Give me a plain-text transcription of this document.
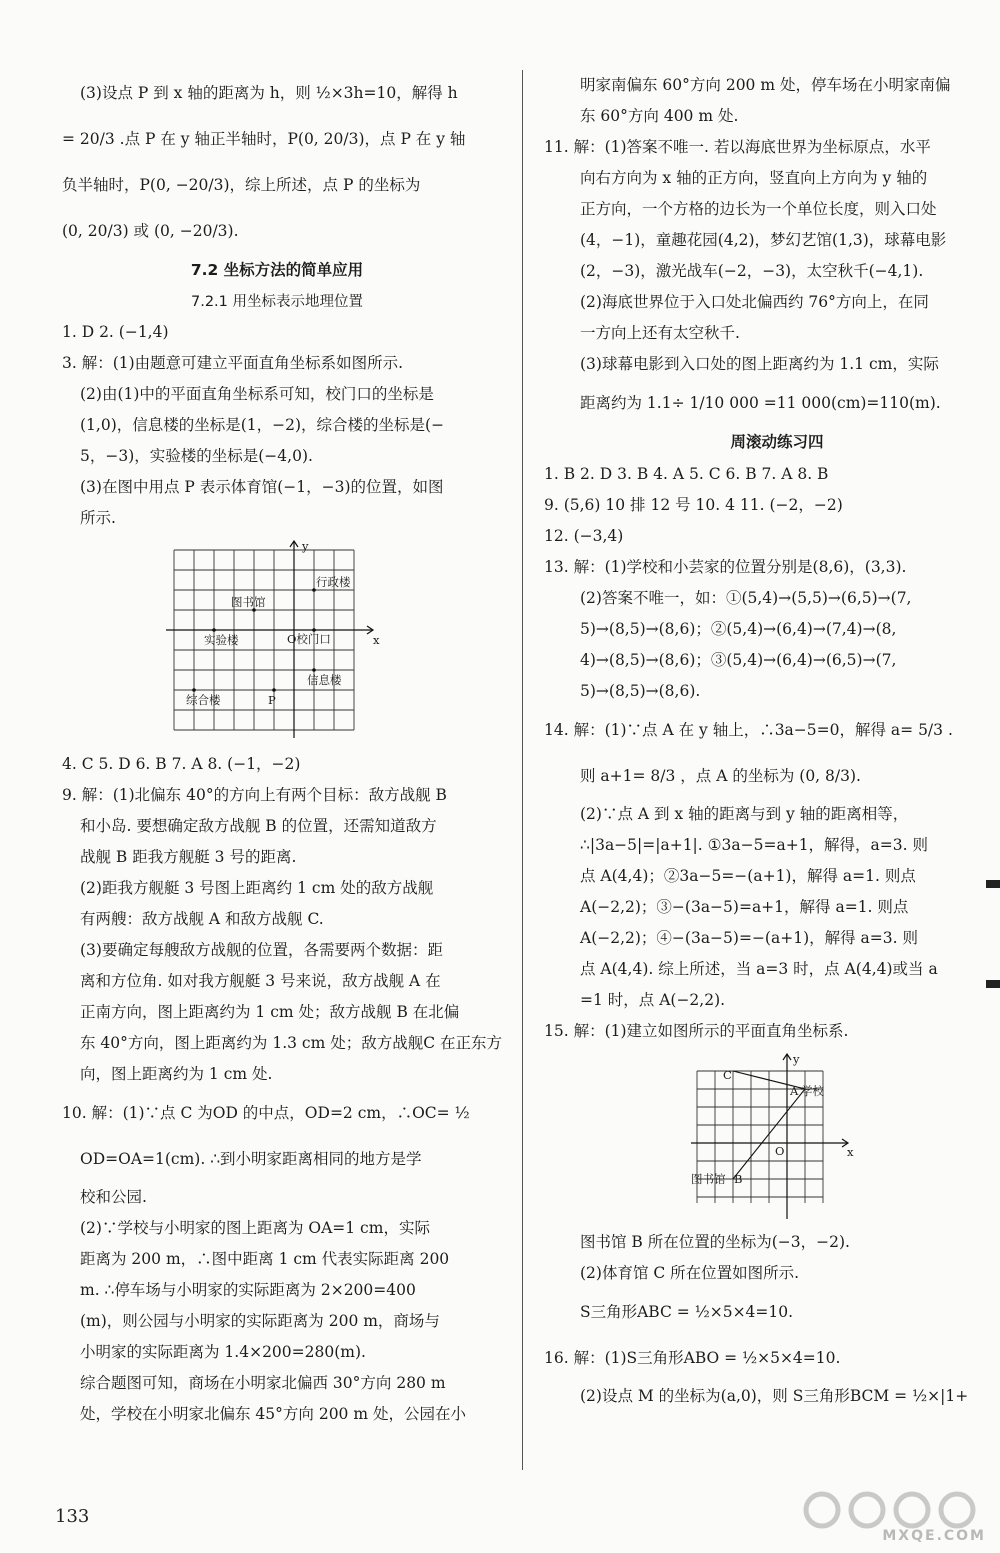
(3)设点 P 到 x 轴的距离为 h，则 ½×3h=10，解得 h
= 20/3 .点 P 在 y 轴正半轴时，P(0, 20/3)，点 P 在 y 轴
负半轴时，P(0, −20/3)，综上所述，点 P 的坐标为
(0, 20/3) 或 (0, −20/3).
7.2 坐标方法的简单应用
7.2.1 用坐标表示地理位置
1. D 2. (−1,4)
3. 解：(1)由题意可建立平面直角坐标系如图所示.
(2)由(1)中的平面直角坐标系可知，校门口的坐标是
(1,0)，信息楼的坐标是(1，−2)，综合楼的坐标是(−
5，−3)，实验楼的坐标是(−4,0).
(3)在图中用点 P 表示体育馆(−1，−3)的位置，如图
所示.
x
y
行政楼
图书馆
实验楼	O校门口
信息楼
综合楼	P
4. C 5. D 6. B 7. A 8. (−1，−2)
9. 解：(1)北偏东 40°的方向上有两个目标：敌方战舰 B
和小岛. 要想确定敌方战舰 B 的位置，还需知道敌方
战舰 B 距我方舰艇 3 号的距离.
(2)距我方舰艇 3 号图上距离约 1 cm 处的敌方战舰
有两艘：敌方战舰 A 和敌方战舰 C.
(3)要确定每艘敌方战舰的位置，各需要两个数据：距
离和方位角. 如对我方舰艇 3 号来说，敌方战舰 A 在
正南方向，图上距离约为 1 cm 处；敌方战舰 B 在北偏
东 40°方向，图上距离约为 1.3 cm 处；敌方战舰C 在正东方
向，图上距离约为 1 cm 处.
10. 解：(1)∵点 C 为OD 的中点，OD=2 cm，∴OC= ½
OD=OA=1(cm). ∴到小明家距离相同的地方是学
校和公园.
(2)∵学校与小明家的图上距离为 OA=1 cm，实际
距离为 200 m，∴图中距离 1 cm 代表实际距离 200
m. ∴停车场与小明家的实际距离为 2×200=400
(m)，则公园与小明家的实际距离为 200 m，商场与
小明家的实际距离为 1.4×200=280(m).
综合题图可知，商场在小明家北偏西 30°方向 280 m
处，学校在小明家北偏东 45°方向 200 m 处，公园在小
明家南偏东 60°方向 200 m 处，停车场在小明家南偏
东 60°方向 400 m 处.
11. 解：(1)答案不唯一. 若以海底世界为坐标原点，水平
向右方向为 x 轴的正方向，竖直向上方向为 y 轴的
正方向，一个方格的边长为一个单位长度，则入口处
(4，−1)，童趣花园(4,2)，梦幻艺馆(1,3)，球幕电影
(2，−3)，激光战车(−2，−3)，太空秋千(−4,1).
(2)海底世界位于入口处北偏西约 76°方向上，在同
一方向上还有太空秋千.
(3)球幕电影到入口处的图上距离约为 1.1 cm，实际
距离约为 1.1÷ 1/10 000 =11 000(cm)=110(m).
周滚动练习四
1. B 2. D 3. B 4. A 5. C 6. B 7. A 8. B
9. (5,6) 10 排 12 号 10. 4 11. (−2，−2)
12. (−3,4)
13. 解：(1)学校和小芸家的位置分别是(8,6)，(3,3).
(2)答案不唯一，如：①(5,4)→(5,5)→(6,5)→(7,
5)→(8,5)→(8,6)；②(5,4)→(6,4)→(7,4)→(8,
4)→(8,5)→(8,6)；③(5,4)→(6,4)→(6,5)→(7,
5)→(8,5)→(8,6).
14. 解：(1)∵点 A 在 y 轴上，∴3a−5=0，解得 a= 5/3 .
则 a+1= 8/3 ，点 A 的坐标为 (0, 8/3).
(2)∵点 A 到 x 轴的距离与到 y 轴的距离相等，
∴|3a−5|=|a+1|. ①3a−5=a+1，解得，a=3. 则
点 A(4,4)；②3a−5=−(a+1)，解得 a=1. 则点
A(−2,2)；③−(3a−5)=a+1，解得 a=1. 则点
A(−2,2)；④−(3a−5)=−(a+1)，解得 a=3. 则
点 A(4,4). 综上所述，当 a=3 时，点 A(4,4)或当 a
=1 时，点 A(−2,2).
15. 解：(1)建立如图所示的平面直角坐标系.
x
y
C
A 学校
O
图书馆 B
图书馆 B 所在位置的坐标为(−3，−2).
(2)体育馆 C 所在位置如图所示.
S三角形ABC = ½×5×4=10.
16. 解：(1)S三角形ABO = ½×5×4=10.
(2)设点 M 的坐标为(a,0)，则 S三角形BCM = ½×|1+
133
MXQE.COM
